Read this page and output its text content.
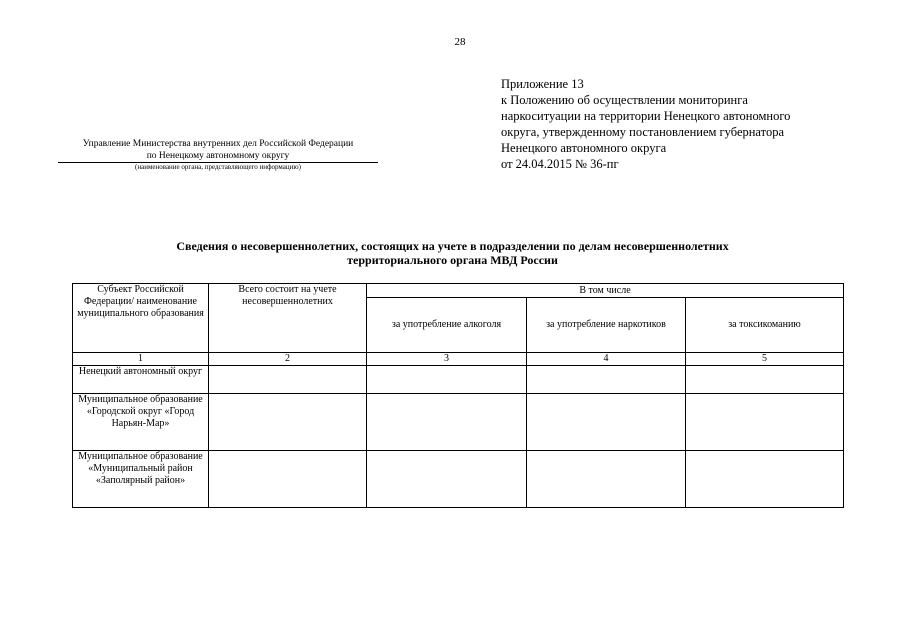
28
Приложение 13
к Положению об осуществлении мониторинга
наркоситуации на территории Ненецкого автономного
округа, утвержденному постановлением губернатора
Ненецкого автономного округа
от 24.04.2015 № 36-пг
Управление Министерства внутренних дел Российской Федерации
по Ненецкому автономному округу
(наименование органа, представляющего информацию)
Сведения о несовершеннолетних, состоящих на учете в подразделении по делам несовершеннолетних
территориального органа МВД России
Субъект Российской Федерации/ наименование муниципального образования	Всего состоит на учете несовершеннолетних	В том числе		
		за употребление алкоголя	за употребление наркотиков	за токсикоманию
1	2	3	4	5
Ненецкий автономный округ				
Муниципальное образование «Городской округ «Город Нарьян-Мар»				
Муниципальное образование «Муниципальный район «Заполярный район»				
